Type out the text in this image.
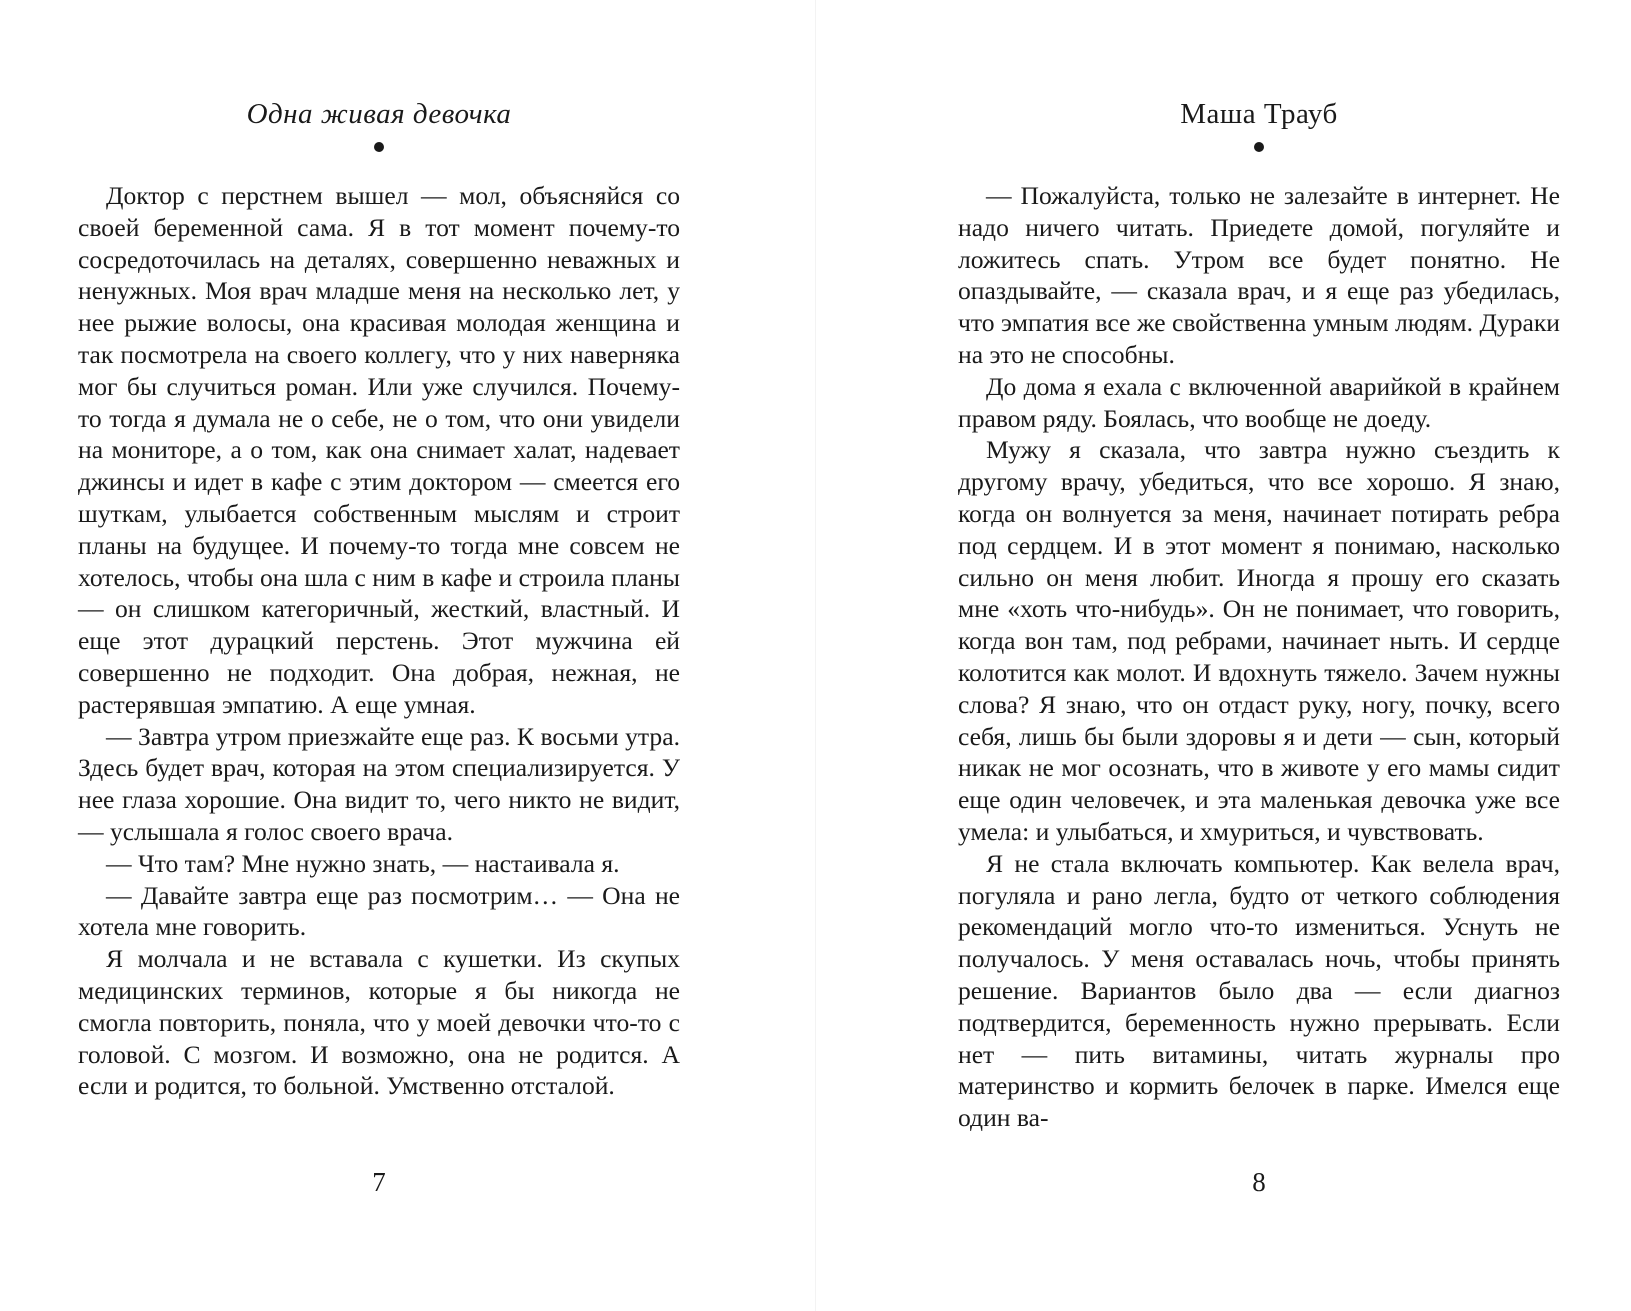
Одна живая девочка

Доктор с перстнем вышел — мол, объясняйся со своей беременной сама. Я в тот момент почему-то сосредоточилась на деталях, совершенно неважных и ненужных. Моя врач младше меня на несколько лет, у нее рыжие волосы, она красивая молодая женщина и так посмотрела на своего коллегу, что у них наверняка мог бы случиться роман. Или уже случился. Почему-то тогда я думала не о себе, не о том, что они увидели на мониторе, а о том, как она снимает халат, надевает джинсы и идет в кафе с этим доктором — смеется его шуткам, улыбается собственным мыслям и строит планы на будущее. И почему-то тогда мне совсем не хотелось, чтобы она шла с ним в кафе и строила планы — он слишком категоричный, жесткий, властный. И еще этот дурацкий перстень. Этот мужчина ей совершенно не подходит. Она добрая, нежная, не растерявшая эмпатию. А еще умная.

— Завтра утром приезжайте еще раз. К восьми утра. Здесь будет врач, которая на этом специализируется. У нее глаза хорошие. Она видит то, чего никто не видит, — услышала я голос своего врача.

— Что там? Мне нужно знать, — настаивала я.

— Давайте завтра еще раз посмотрим… — Она не хотела мне говорить.

Я молчала и не вставала с кушетки. Из скупых медицинских терминов, которые я бы никогда не смогла повторить, поняла, что у моей девочки что-то с головой. С мозгом. И возможно, она не родится. А если и родится, то больной. Умственно отсталой.

7
Маша Трауб

— Пожалуйста, только не залезайте в интернет. Не надо ничего читать. Приедете домой, погуляйте и ложитесь спать. Утром все будет понятно. Не опаздывайте, — сказала врач, и я еще раз убедилась, что эмпатия все же свойственна умным людям. Дураки на это не способны.

До дома я ехала с включенной аварийкой в крайнем правом ряду. Боялась, что вообще не доеду.

Мужу я сказала, что завтра нужно съездить к другому врачу, убедиться, что все хорошо. Я знаю, когда он волнуется за меня, начинает потирать ребра под сердцем. И в этот момент я понимаю, насколько сильно он меня любит. Иногда я прошу его сказать мне «хоть что-нибудь». Он не понимает, что говорить, когда вон там, под ребрами, начинает ныть. И сердце колотится как молот. И вдохнуть тяжело. Зачем нужны слова? Я знаю, что он отдаст руку, ногу, почку, всего себя, лишь бы были здоровы я и дети — сын, который никак не мог осознать, что в животе у его мамы сидит еще один человечек, и эта маленькая девочка уже все умела: и улыбаться, и хмуриться, и чувствовать.

Я не стала включать компьютер. Как велела врач, погуляла и рано легла, будто от четкого соблюдения рекомендаций могло что-то измениться. Уснуть не получалось. У меня оставалась ночь, чтобы принять решение. Вариантов было два — если диагноз подтвердится, беременность нужно прерывать. Если нет — пить витамины, читать журналы про материнство и кормить белочек в парке. Имелся еще один ва-

8
